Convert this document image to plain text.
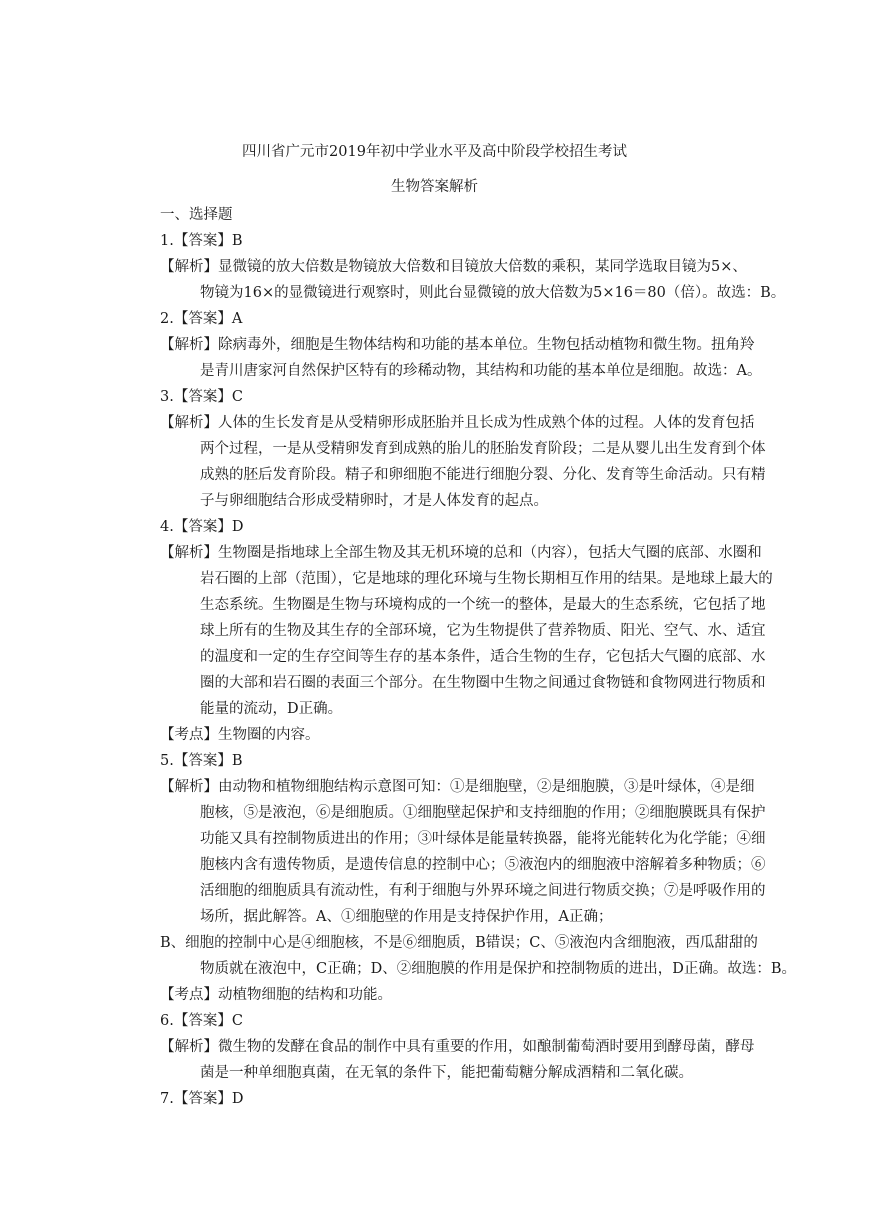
四川省广元市2019年初中学业水平及高中阶段学校招生考试
生物答案解析
一、选择题
1.【答案】B
【解析】显微镜的放大倍数是物镜放大倍数和目镜放大倍数的乘积，某同学选取目镜为5×、
物镜为16×的显微镜进行观察时，则此台显微镜的放大倍数为5×16＝80（倍）。故选：B。
2.【答案】A
【解析】除病毒外，细胞是生物体结构和功能的基本单位。生物包括动植物和微生物。扭角羚
是青川唐家河自然保护区特有的珍稀动物，其结构和功能的基本单位是细胞。故选：A。
3.【答案】C
【解析】人体的生长发育是从受精卵形成胚胎并且长成为性成熟个体的过程。人体的发育包括
两个过程，一是从受精卵发育到成熟的胎儿的胚胎发育阶段；二是从婴儿出生发育到个体
成熟的胚后发育阶段。精子和卵细胞不能进行细胞分裂、分化、发育等生命活动。只有精
子与卵细胞结合形成受精卵时，才是人体发育的起点。
4.【答案】D
【解析】生物圈是指地球上全部生物及其无机环境的总和（内容），包括大气圈的底部、水圈和
岩石圈的上部（范围），它是地球的理化环境与生物长期相互作用的结果。是地球上最大的
生态系统。生物圈是生物与环境构成的一个统一的整体，是最大的生态系统，它包括了地
球上所有的生物及其生存的全部环境，它为生物提供了营养物质、阳光、空气、水、适宜
的温度和一定的生存空间等生存的基本条件，适合生物的生存，它包括大气圈的底部、水
圈的大部和岩石圈的表面三个部分。在生物圈中生物之间通过食物链和食物网进行物质和
能量的流动，D正确。
【考点】生物圈的内容。
5.【答案】B
【解析】由动物和植物细胞结构示意图可知：①是细胞壁，②是细胞膜，③是叶绿体，④是细
胞核，⑤是液泡，⑥是细胞质。①细胞壁起保护和支持细胞的作用；②细胞膜既具有保护
功能又具有控制物质进出的作用；③叶绿体是能量转换器，能将光能转化为化学能；④细
胞核内含有遗传物质，是遗传信息的控制中心；⑤液泡内的细胞液中溶解着多种物质；⑥
活细胞的细胞质具有流动性，有利于细胞与外界环境之间进行物质交换；⑦是呼吸作用的
场所，据此解答。A、①细胞壁的作用是支持保护作用，A正确；
B、细胞的控制中心是④细胞核，不是⑥细胞质，B错误；C、⑤液泡内含细胞液，西瓜甜甜的
物质就在液泡中，C正确；D、②细胞膜的作用是保护和控制物质的进出，D正确。故选：B。
【考点】动植物细胞的结构和功能。
6.【答案】C
【解析】微生物的发酵在食品的制作中具有重要的作用，如酿制葡萄酒时要用到酵母菌，酵母
菌是一种单细胞真菌，在无氧的条件下，能把葡萄糖分解成酒精和二氧化碳。
7.【答案】D
